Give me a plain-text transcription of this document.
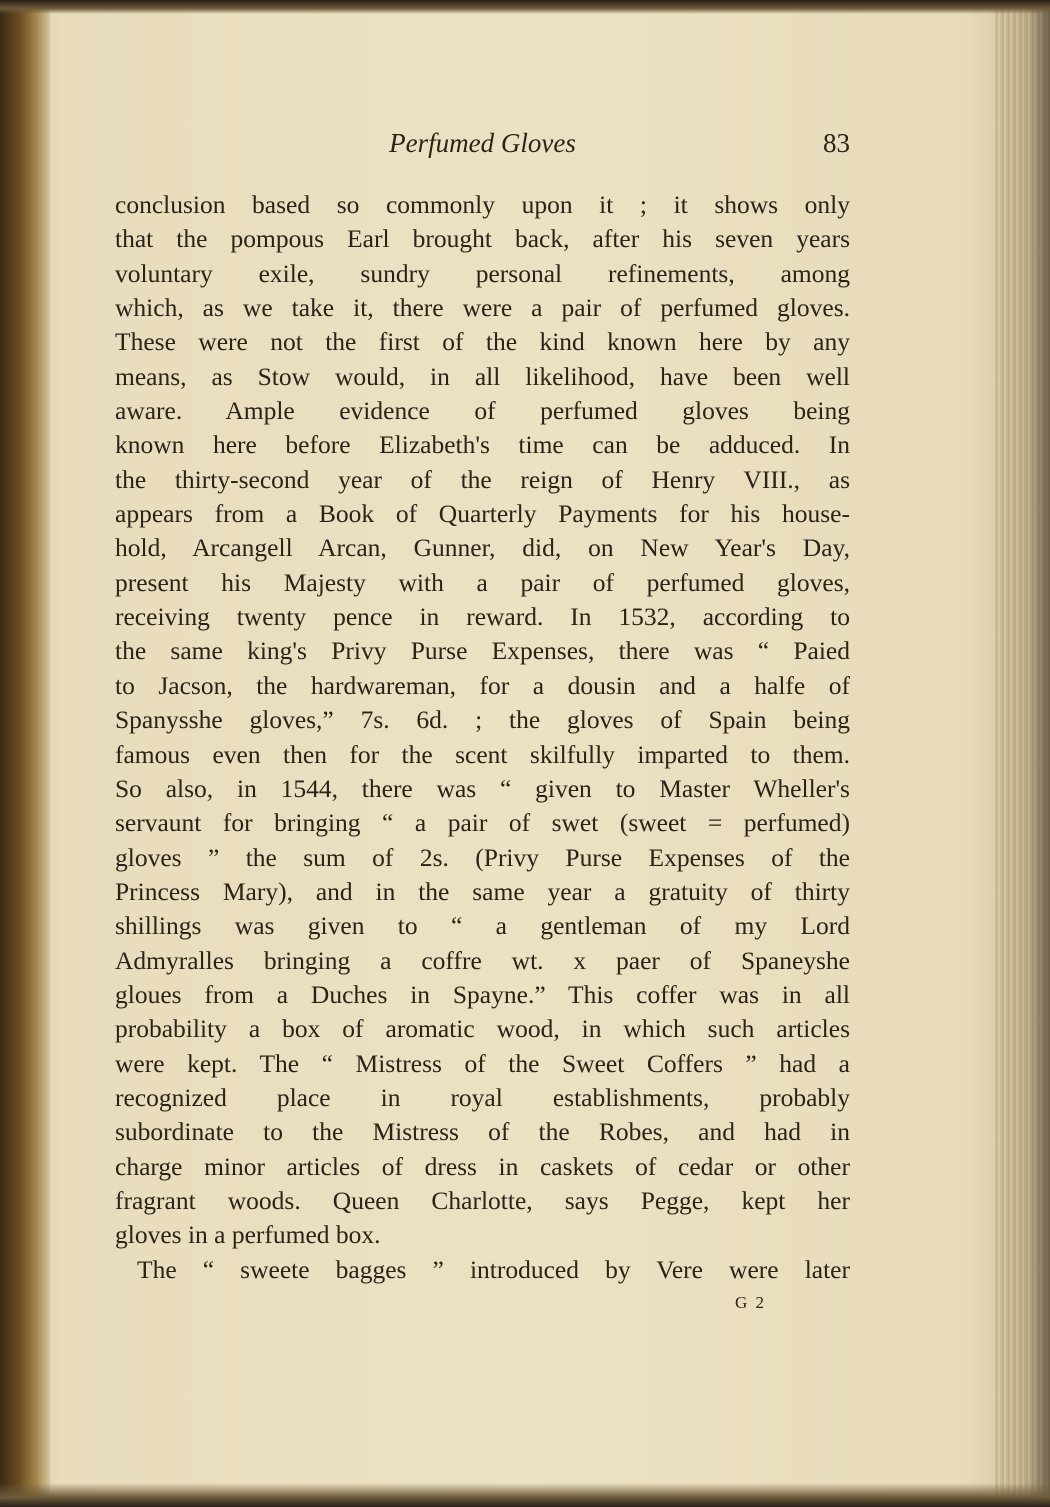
Perfumed Gloves	83
conclusion based so commonly upon it ; it shows only
that the pompous Earl brought back, after his seven years
voluntary exile, sundry personal refinements, among
which, as we take it, there were a pair of perfumed gloves.
These were not the first of the kind known here by any
means, as Stow would, in all likelihood, have been well
aware. Ample evidence of perfumed gloves being
known here before Elizabeth's time can be adduced. In
the thirty-second year of the reign of Henry VIII., as
appears from a Book of Quarterly Payments for his house-
hold, Arcangell Arcan, Gunner, did, on New Year's Day,
present his Majesty with a pair of perfumed gloves,
receiving twenty pence in reward. In 1532, according to
the same king's Privy Purse Expenses, there was “ Paied
to Jacson, the hardwareman, for a dousin and a halfe of
Spanysshe gloves,” 7s. 6d. ; the gloves of Spain being
famous even then for the scent skilfully imparted to them.
So also, in 1544, there was “ given to Master Wheller's
servaunt for bringing “ a pair of swet (sweet = perfumed)
gloves ” the sum of 2s. (Privy Purse Expenses of the
Princess Mary), and in the same year a gratuity of thirty
shillings was given to “ a gentleman of my Lord
Admyralles bringing a coffre wt. x paer of Spaneyshe
gloues from a Duches in Spayne.” This coffer was in all
probability a box of aromatic wood, in which such articles
were kept. The “ Mistress of the Sweet Coffers ” had a
recognized place in royal establishments, probably
subordinate to the Mistress of the Robes, and had in
charge minor articles of dress in caskets of cedar or other
fragrant woods. Queen Charlotte, says Pegge, kept her
gloves in a perfumed box.
The “ sweete bagges ” introduced by Vere were later
G 2
